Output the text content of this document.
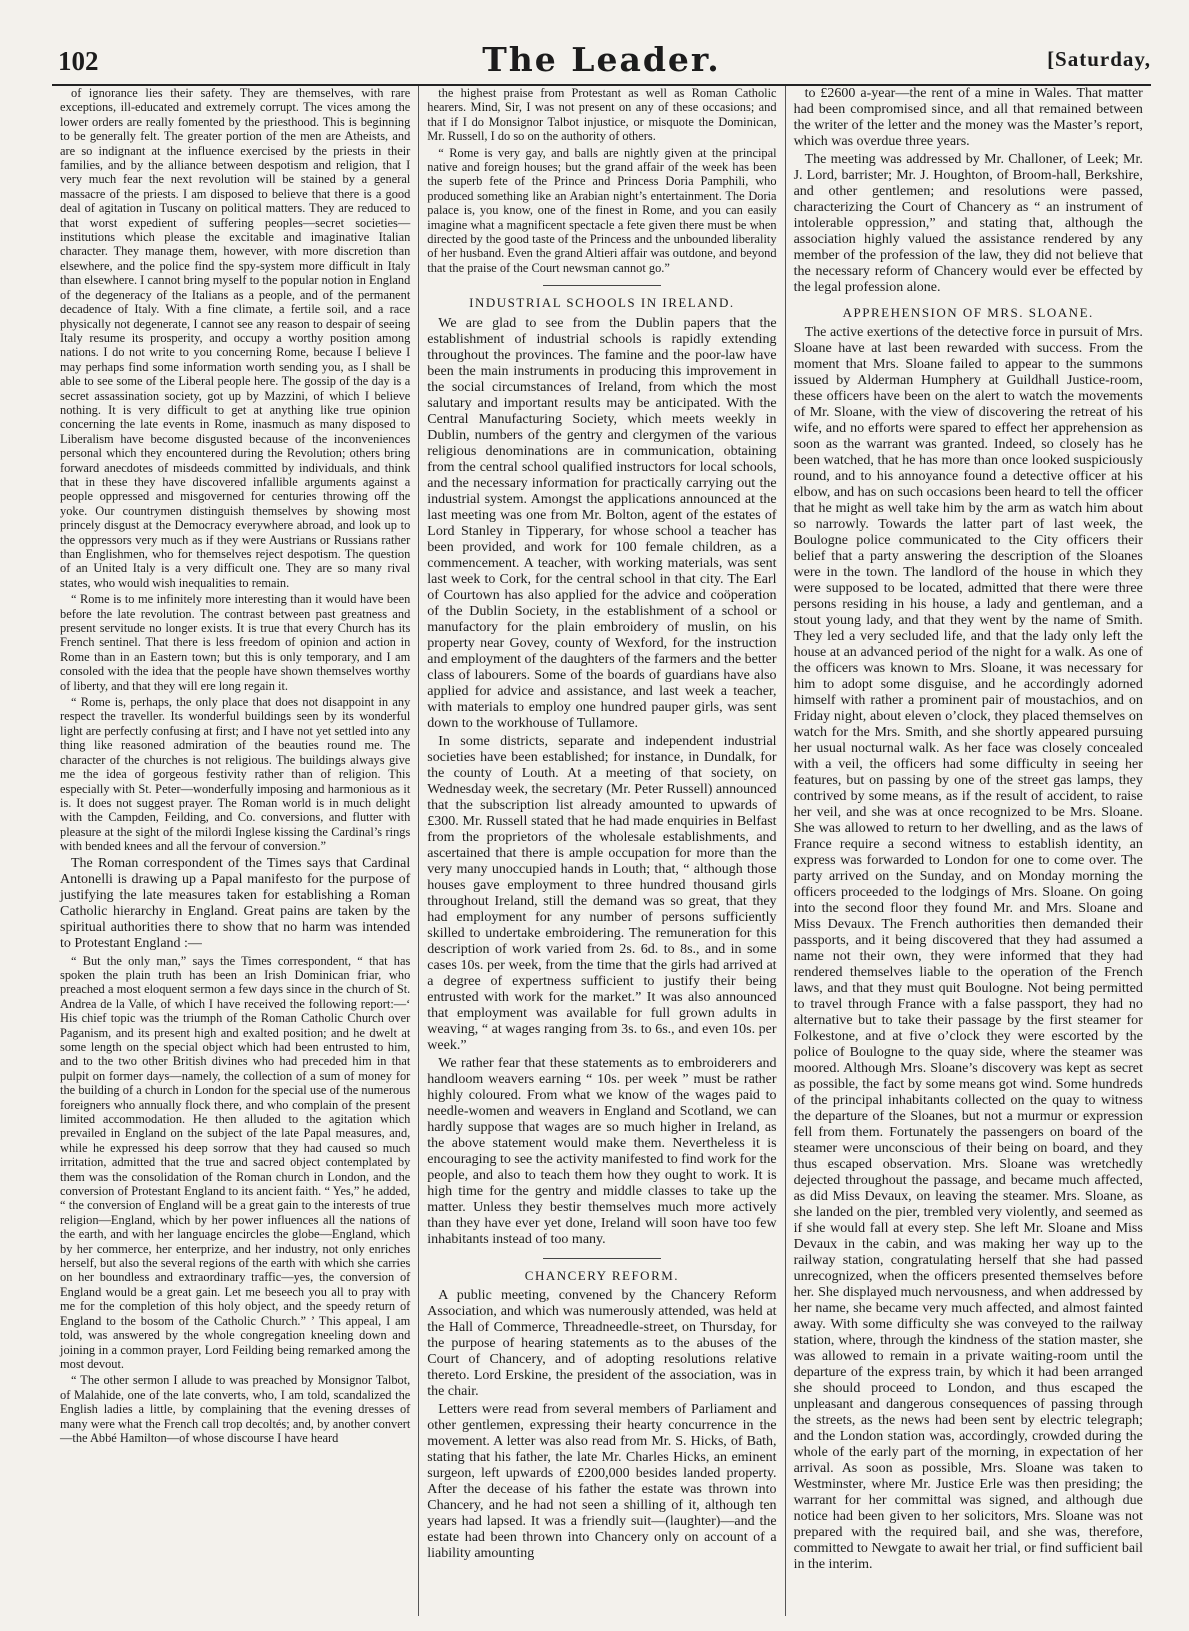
102	The Leader.	[Saturday,

of ignorance lies their safety. They are themselves, with rare exceptions, ill-educated and extremely corrupt. The vices among the lower orders are really fomented by the priesthood. This is beginning to be generally felt. The greater portion of the men are Atheists, and are so indignant at the influence exercised by the priests in their families, and by the alliance between despotism and religion, that I very much fear the next revolution will be stained by a general massacre of the priests. I am disposed to believe that there is a good deal of agitation in Tuscany on political matters. They are reduced to that worst expedient of suffering peoples—secret societies—institutions which please the excitable and imaginative Italian character. They manage them, however, with more discretion than elsewhere, and the police find the spy-system more difficult in Italy than elsewhere. I cannot bring myself to the popular notion in England of the degeneracy of the Italians as a people, and of the permanent decadence of Italy. With a fine climate, a fertile soil, and a race physically not degenerate, I cannot see any reason to despair of seeing Italy resume its prosperity, and occupy a worthy position among nations. I do not write to you concerning Rome, because I believe I may perhaps find some information worth sending you, as I shall be able to see some of the Liberal people here. The gossip of the day is a secret assassination society, got up by Mazzini, of which I believe nothing. It is very difficult to get at anything like true opinion concerning the late events in Rome, inasmuch as many disposed to Liberalism have become disgusted because of the inconveniences personal which they encountered during the Revolution; others bring forward anecdotes of misdeeds committed by individuals, and think that in these they have discovered infallible arguments against a people oppressed and misgoverned for centuries throwing off the yoke. Our countrymen distinguish themselves by showing most princely disgust at the Democracy everywhere abroad, and look up to the oppressors very much as if they were Austrians or Russians rather than Englishmen, who for themselves reject despotism. The question of an United Italy is a very difficult one. They are so many rival states, who would wish inequalities to remain.

“ Rome is to me infinitely more interesting than it would have been before the late revolution. The contrast between past greatness and present servitude no longer exists. It is true that every Church has its French sentinel. That there is less freedom of opinion and action in Rome than in an Eastern town; but this is only temporary, and I am consoled with the idea that the people have shown themselves worthy of liberty, and that they will ere long regain it.

“ Rome is, perhaps, the only place that does not disappoint in any respect the traveller. Its wonderful buildings seen by its wonderful light are perfectly confusing at first; and I have not yet settled into any thing like reasoned admiration of the beauties round me. The character of the churches is not religious. The buildings always give me the idea of gorgeous festivity rather than of religion. This especially with St. Peter—wonderfully imposing and harmonious as it is. It does not suggest prayer. The Roman world is in much delight with the Campden, Feilding, and Co. conversions, and flutter with pleasure at the sight of the milordi Inglese kissing the Cardinal’s rings with bended knees and all the fervour of conversion.”

The Roman correspondent of the Times says that Cardinal Antonelli is drawing up a Papal manifesto for the purpose of justifying the late measures taken for establishing a Roman Catholic hierarchy in England. Great pains are taken by the spiritual authorities there to show that no harm was intended to Protestant England :—

“ But the only man,” says the Times correspondent, “ that has spoken the plain truth has been an Irish Dominican friar, who preached a most eloquent sermon a few days since in the church of St. Andrea de la Valle, of which I have received the following report:—‘ His chief topic was the triumph of the Roman Catholic Church over Paganism, and its present high and exalted position; and he dwelt at some length on the special object which had been entrusted to him, and to the two other British divines who had preceded him in that pulpit on former days—namely, the collection of a sum of money for the building of a church in London for the special use of the numerous foreigners who annually flock there, and who complain of the present limited accommodation. He then alluded to the agitation which prevailed in England on the subject of the late Papal measures, and, while he expressed his deep sorrow that they had caused so much irritation, admitted that the true and sacred object contemplated by them was the consolidation of the Roman church in London, and the conversion of Protestant England to its ancient faith. “ Yes,” he added, “ the conversion of England will be a great gain to the interests of true religion—England, which by her power influences all the nations of the earth, and with her language encircles the globe—England, which by her commerce, her enterprize, and her industry, not only enriches herself, but also the several regions of the earth with which she carries on her boundless and extraordinary traffic—yes, the conversion of England would be a great gain. Let me beseech you all to pray with me for the completion of this holy object, and the speedy return of England to the bosom of the Catholic Church.” ’ This appeal, I am told, was answered by the whole congregation kneeling down and joining in a common prayer, Lord Feilding being remarked among the most devout.

“ The other sermon I allude to was preached by Monsignor Talbot, of Malahide, one of the late converts, who, I am told, scandalized the English ladies a little, by complaining that the evening dresses of many were what the French call trop decoltés; and, by another convert—the Abbé Hamilton—of whose discourse I have heard

the highest praise from Protestant as well as Roman Catholic hearers. Mind, Sir, I was not present on any of these occasions; and that if I do Monsignor Talbot injustice, or misquote the Dominican, Mr. Russell, I do so on the authority of others.

“ Rome is very gay, and balls are nightly given at the principal native and foreign houses; but the grand affair of the week has been the superb fete of the Prince and Princess Doria Pamphili, who produced something like an Arabian night’s entertainment. The Doria palace is, you know, one of the finest in Rome, and you can easily imagine what a magnificent spectacle a fete given there must be when directed by the good taste of the Princess and the unbounded liberality of her husband. Even the grand Altieri affair was outdone, and beyond that the praise of the Court newsman cannot go.”

INDUSTRIAL SCHOOLS IN IRELAND.

We are glad to see from the Dublin papers that the establishment of industrial schools is rapidly extending throughout the provinces. The famine and the poor-law have been the main instruments in producing this improvement in the social circumstances of Ireland, from which the most salutary and important results may be anticipated. With the Central Manufacturing Society, which meets weekly in Dublin, numbers of the gentry and clergymen of the various religious denominations are in communication, obtaining from the central school qualified instructors for local schools, and the necessary information for practically carrying out the industrial system. Amongst the applications announced at the last meeting was one from Mr. Bolton, agent of the estates of Lord Stanley in Tipperary, for whose school a teacher has been provided, and work for 100 female children, as a commencement. A teacher, with working materials, was sent last week to Cork, for the central school in that city. The Earl of Courtown has also applied for the advice and coöperation of the Dublin Society, in the establishment of a school or manufactory for the plain embroidery of muslin, on his property near Govey, county of Wexford, for the instruction and employment of the daughters of the farmers and the better class of labourers. Some of the boards of guardians have also applied for advice and assistance, and last week a teacher, with materials to employ one hundred pauper girls, was sent down to the workhouse of Tullamore.

In some districts, separate and independent industrial societies have been established; for instance, in Dundalk, for the county of Louth. At a meeting of that society, on Wednesday week, the secretary (Mr. Peter Russell) announced that the subscription list already amounted to upwards of £300. Mr. Russell stated that he had made enquiries in Belfast from the proprietors of the wholesale establishments, and ascertained that there is ample occupation for more than the very many unoccupied hands in Louth; that, “ although those houses gave employment to three hundred thousand girls throughout Ireland, still the demand was so great, that they had employment for any number of persons sufficiently skilled to undertake embroidering. The remuneration for this description of work varied from 2s. 6d. to 8s., and in some cases 10s. per week, from the time that the girls had arrived at a degree of expertness sufficient to justify their being entrusted with work for the market.” It was also announced that employment was available for full grown adults in weaving, “ at wages ranging from 3s. to 6s., and even 10s. per week.”

We rather fear that these statements as to embroiderers and handloom weavers earning “ 10s. per week ” must be rather highly coloured. From what we know of the wages paid to needle-women and weavers in England and Scotland, we can hardly suppose that wages are so much higher in Ireland, as the above statement would make them. Nevertheless it is encouraging to see the activity manifested to find work for the people, and also to teach them how they ought to work. It is high time for the gentry and middle classes to take up the matter. Unless they bestir themselves much more actively than they have ever yet done, Ireland will soon have too few inhabitants instead of too many.

CHANCERY REFORM.

A public meeting, convened by the Chancery Reform Association, and which was numerously attended, was held at the Hall of Commerce, Threadneedle-street, on Thursday, for the purpose of hearing statements as to the abuses of the Court of Chancery, and of adopting resolutions relative thereto. Lord Erskine, the president of the association, was in the chair.

Letters were read from several members of Parliament and other gentlemen, expressing their hearty concurrence in the movement. A letter was also read from Mr. S. Hicks, of Bath, stating that his father, the late Mr. Charles Hicks, an eminent surgeon, left upwards of £200,000 besides landed property. After the decease of his father the estate was thrown into Chancery, and he had not seen a shilling of it, although ten years had lapsed. It was a friendly suit—(laughter)—and the estate had been thrown into Chancery only on account of a liability amounting

to £2600 a-year—the rent of a mine in Wales. That matter had been compromised since, and all that remained between the writer of the letter and the money was the Master’s report, which was overdue three years.

The meeting was addressed by Mr. Challoner, of Leek; Mr. J. Lord, barrister; Mr. J. Houghton, of Broom-hall, Berkshire, and other gentlemen; and resolutions were passed, characterizing the Court of Chancery as “ an instrument of intolerable oppression,” and stating that, although the association highly valued the assistance rendered by any member of the profession of the law, they did not believe that the necessary reform of Chancery would ever be effected by the legal profession alone.

APPREHENSION OF MRS. SLOANE.

The active exertions of the detective force in pursuit of Mrs. Sloane have at last been rewarded with success. From the moment that Mrs. Sloane failed to appear to the summons issued by Alderman Humphery at Guildhall Justice-room, these officers have been on the alert to watch the movements of Mr. Sloane, with the view of discovering the retreat of his wife, and no efforts were spared to effect her apprehension as soon as the warrant was granted. Indeed, so closely has he been watched, that he has more than once looked suspiciously round, and to his annoyance found a detective officer at his elbow, and has on such occasions been heard to tell the officer that he might as well take him by the arm as watch him about so narrowly. Towards the latter part of last week, the Boulogne police communicated to the City officers their belief that a party answering the description of the Sloanes were in the town. The landlord of the house in which they were supposed to be located, admitted that there were three persons residing in his house, a lady and gentleman, and a stout young lady, and that they went by the name of Smith. They led a very secluded life, and that the lady only left the house at an advanced period of the night for a walk. As one of the officers was known to Mrs. Sloane, it was necessary for him to adopt some disguise, and he accordingly adorned himself with rather a prominent pair of moustachios, and on Friday night, about eleven o’clock, they placed themselves on watch for the Mrs. Smith, and she shortly appeared pursuing her usual nocturnal walk. As her face was closely concealed with a veil, the officers had some difficulty in seeing her features, but on passing by one of the street gas lamps, they contrived by some means, as if the result of accident, to raise her veil, and she was at once recognized to be Mrs. Sloane. She was allowed to return to her dwelling, and as the laws of France require a second witness to establish identity, an express was forwarded to London for one to come over. The party arrived on the Sunday, and on Monday morning the officers proceeded to the lodgings of Mrs. Sloane. On going into the second floor they found Mr. and Mrs. Sloane and Miss Devaux. The French authorities then demanded their passports, and it being discovered that they had assumed a name not their own, they were informed that they had rendered themselves liable to the operation of the French laws, and that they must quit Boulogne. Not being permitted to travel through France with a false passport, they had no alternative but to take their passage by the first steamer for Folkestone, and at five o’clock they were escorted by the police of Boulogne to the quay side, where the steamer was moored. Although Mrs. Sloane’s discovery was kept as secret as possible, the fact by some means got wind. Some hundreds of the principal inhabitants collected on the quay to witness the departure of the Sloanes, but not a murmur or expression fell from them. Fortunately the passengers on board of the steamer were unconscious of their being on board, and they thus escaped observation. Mrs. Sloane was wretchedly dejected throughout the passage, and became much affected, as did Miss Devaux, on leaving the steamer. Mrs. Sloane, as she landed on the pier, trembled very violently, and seemed as if she would fall at every step. She left Mr. Sloane and Miss Devaux in the cabin, and was making her way up to the railway station, congratulating herself that she had passed unrecognized, when the officers presented themselves before her. She displayed much nervousness, and when addressed by her name, she became very much affected, and almost fainted away. With some difficulty she was conveyed to the railway station, where, through the kindness of the station master, she was allowed to remain in a private waiting-room until the departure of the express train, by which it had been arranged she should proceed to London, and thus escaped the unpleasant and dangerous consequences of passing through the streets, as the news had been sent by electric telegraph; and the London station was, accordingly, crowded during the whole of the early part of the morning, in expectation of her arrival. As soon as possible, Mrs. Sloane was taken to Westminster, where Mr. Justice Erle was then presiding; the warrant for her committal was signed, and although due notice had been given to her solicitors, Mrs. Sloane was not prepared with the required bail, and she was, therefore, committed to Newgate to await her trial, or find sufficient bail in the interim.
